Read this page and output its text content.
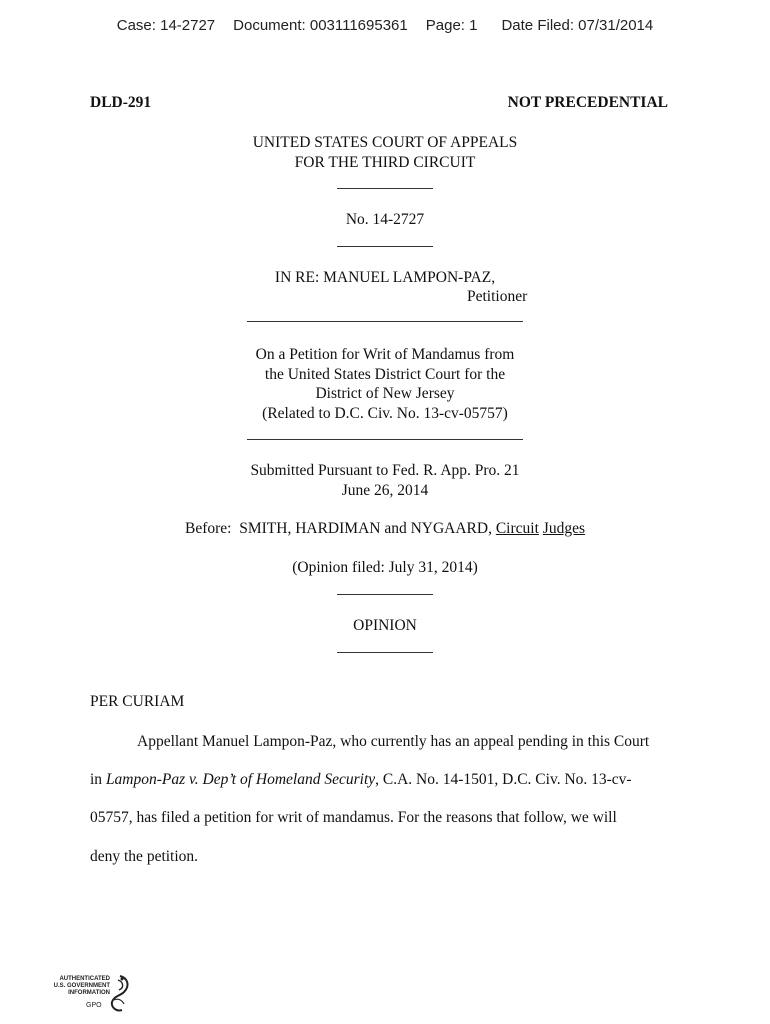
Case: 14-2727 Document: 003111695361 Page: 1 Date Filed: 07/31/2014
DLD-291	NOT PRECEDENTIAL
UNITED STATES COURT OF APPEALS
FOR THE THIRD CIRCUIT
No. 14-2727
IN RE: MANUEL LAMPON-PAZ,
Petitioner
On a Petition for Writ of Mandamus from
the United States District Court for the
District of New Jersey
(Related to D.C. Civ. No. 13-cv-05757)
Submitted Pursuant to Fed. R. App. Pro. 21
June 26, 2014
Before:  SMITH, HARDIMAN and NYGAARD, Circuit Judges
(Opinion filed: July 31, 2014)
OPINION
PER CURIAM
Appellant Manuel Lampon-Paz, who currently has an appeal pending in this Court
in Lampon-Paz v. Dep’t of Homeland Security, C.A. No. 14-1501, D.C. Civ. No. 13-cv-
05757, has filed a petition for writ of mandamus. For the reasons that follow, we will
deny the petition.
AUTHENTICATED
U.S. GOVERNMENT
INFORMATION
GPO
